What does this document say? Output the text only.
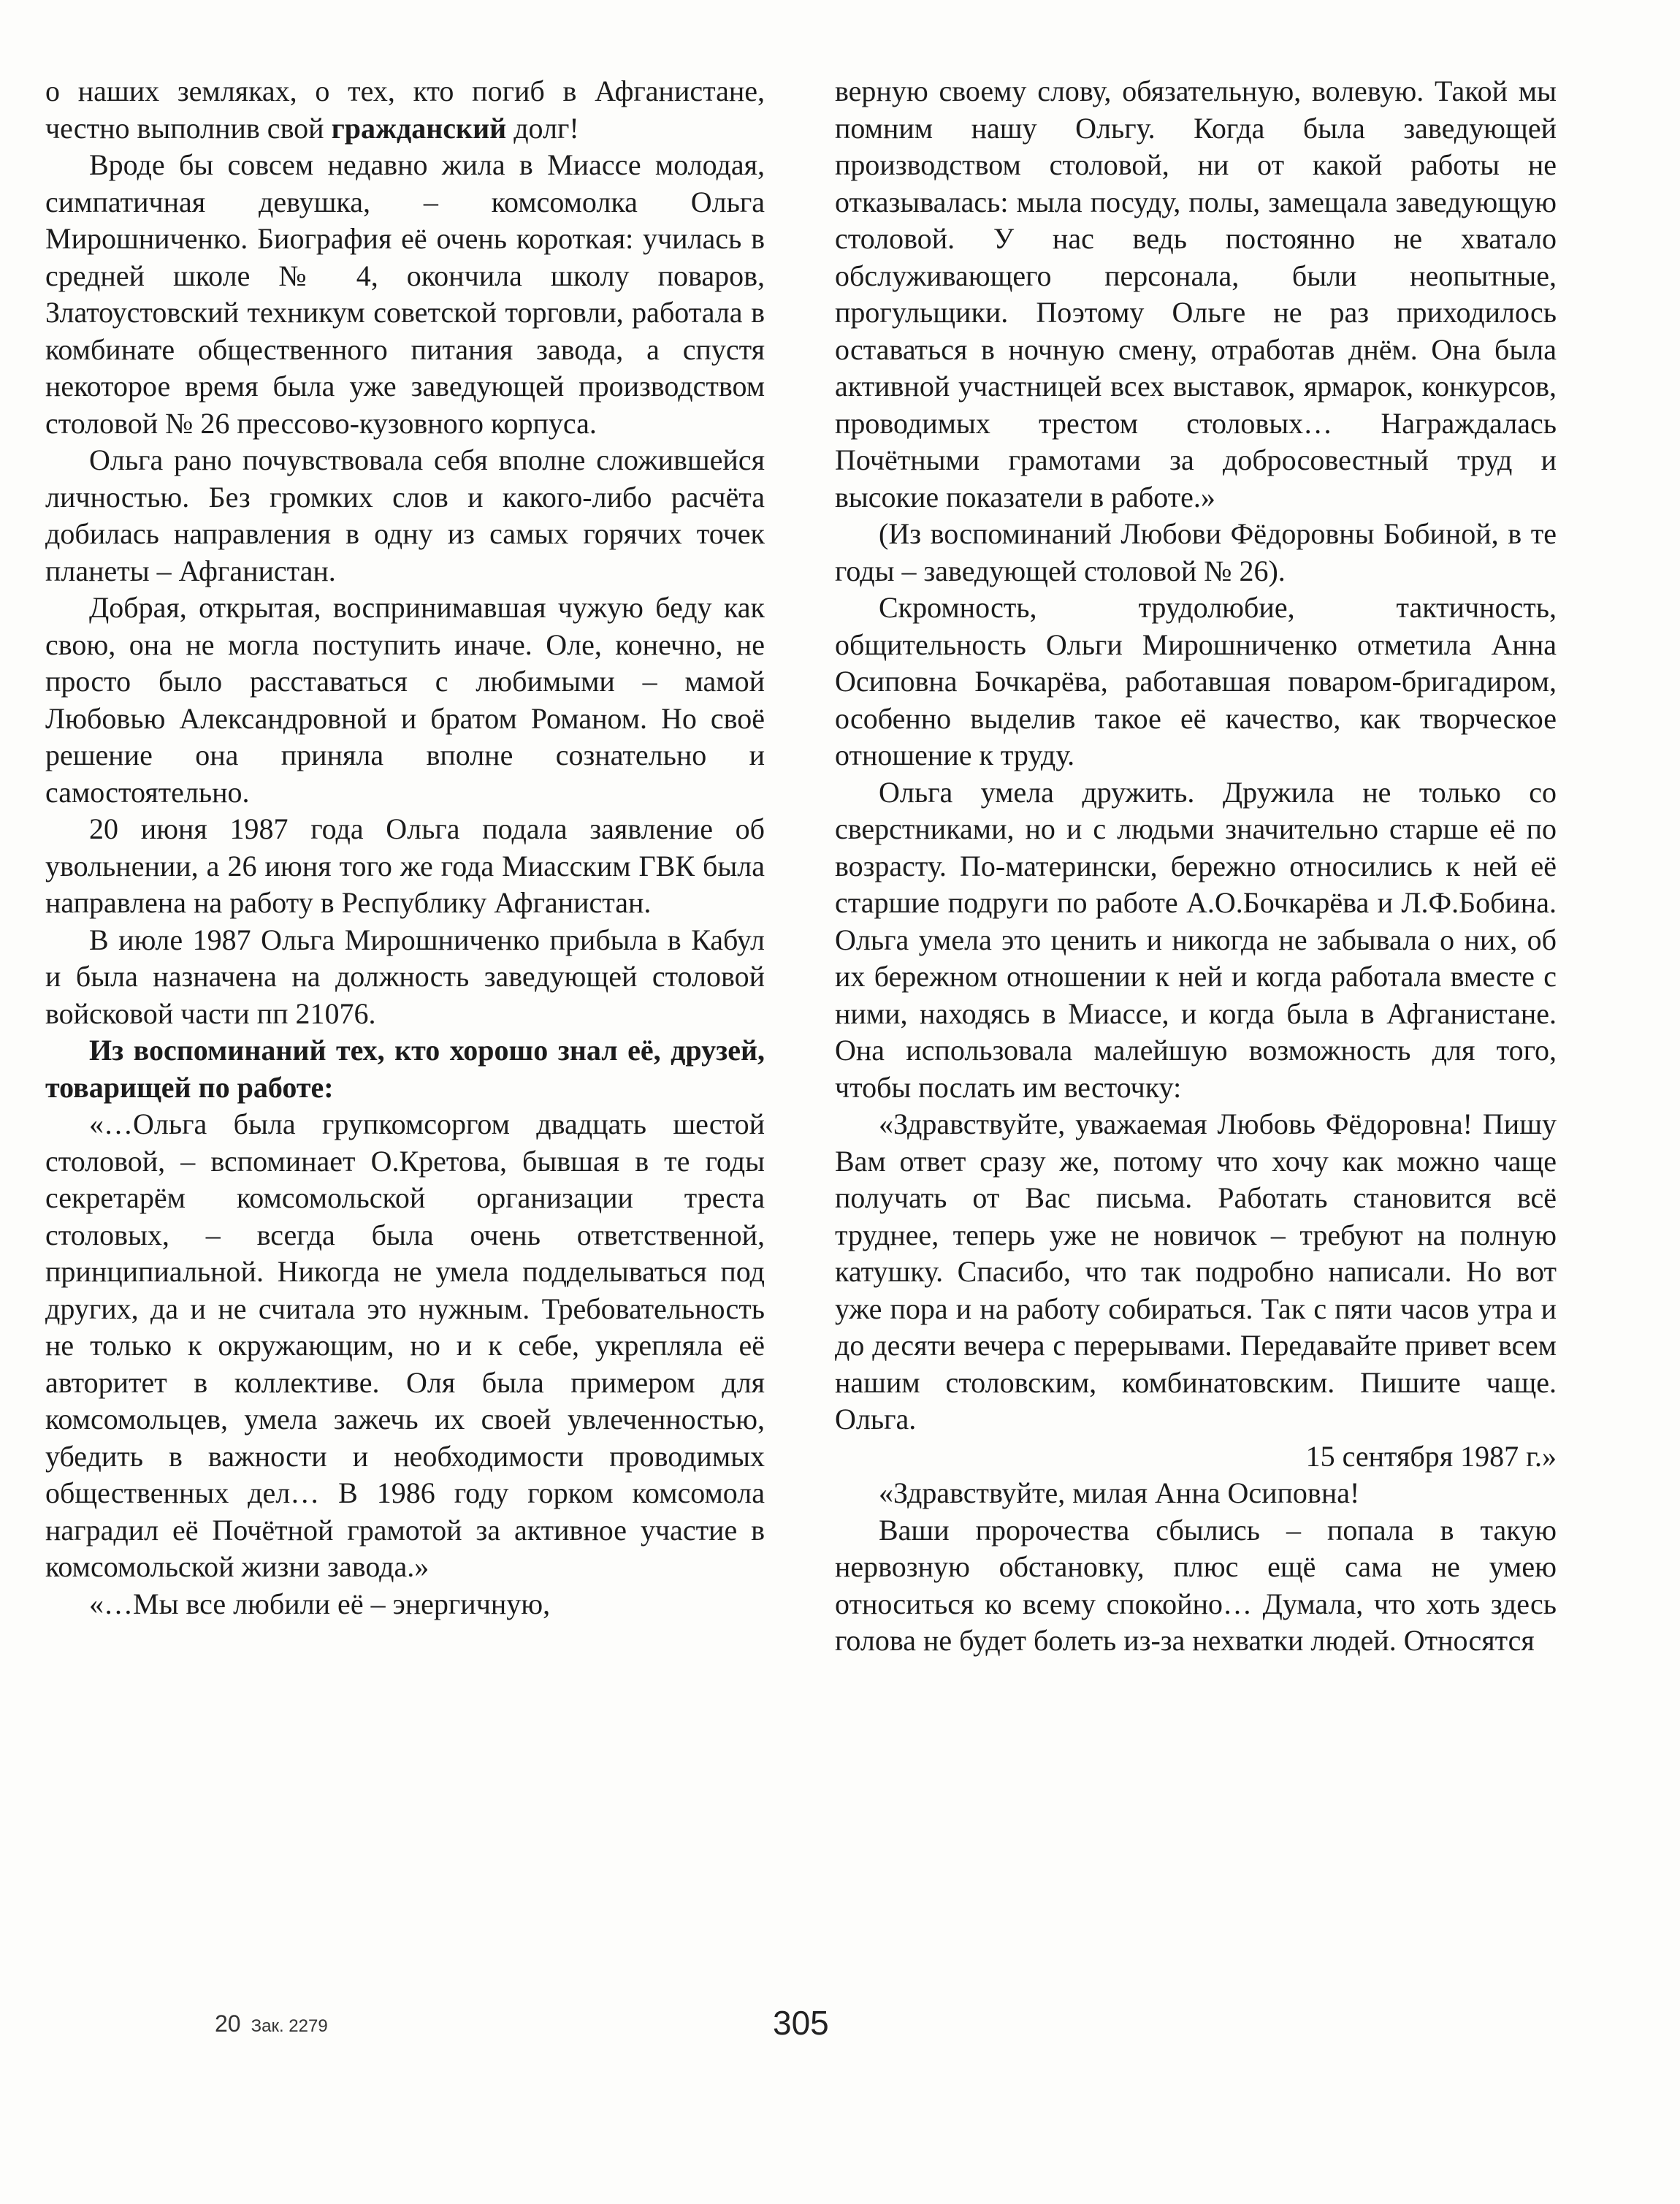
о наших земляках, о тех, кто погиб в Афганистане, честно выполнив свой гражданский долг!

Вроде бы совсем недавно жила в Миассе молодая, симпатичная девушка, – комсомолка Ольга Мирошниченко. Биография её очень короткая: училась в средней школе № 4, окончила школу поваров, Златоустовский техникум советской торговли, работала в комбинате общественного питания завода, а спустя некоторое время была уже заведующей производством столовой № 26 прессово-кузовного корпуса.

Ольга рано почувствовала себя вполне сложившейся личностью. Без громких слов и какого-либо расчёта добилась направления в одну из самых горячих точек планеты – Афганистан.

Добрая, открытая, воспринимавшая чужую беду как свою, она не могла поступить иначе. Оле, конечно, не просто было расставаться с любимыми – мамой Любовью Александровной и братом Романом. Но своё решение она приняла вполне сознательно и самостоятельно.

20 июня 1987 года Ольга подала заявление об увольнении, а 26 июня того же года Миасским ГВК была направлена на работу в Республику Афганистан.

В июле 1987 Ольга Мирошниченко прибыла в Кабул и была назначена на должность заведующей столовой войсковой части пп 21076.

Из воспоминаний тех, кто хорошо знал её, друзей, товарищей по работе:

«…Ольга была групкомсоргом двадцать шестой столовой, – вспоминает О.Кретова, бывшая в те годы секретарём комсомольской организации треста столовых, – всегда была очень ответственной, принципиальной. Никогда не умела подделываться под других, да и не считала это нужным. Требовательность не только к окружающим, но и к себе, укрепляла её авторитет в коллективе. Оля была примером для комсомольцев, умела зажечь их своей увлеченностью, убедить в важности и необходимости проводимых общественных дел… В 1986 году горком комсомола наградил её Почётной грамотой за активное участие в комсомольской жизни завода.»

«…Мы все любили её – энергичную,

верную своему слову, обязательную, волевую. Такой мы помним нашу Ольгу. Когда была заведующей производством столовой, ни от какой работы не отказывалась: мыла посуду, полы, замещала заведующую столовой. У нас ведь постоянно не хватало обслуживающего персонала, были неопытные, прогульщики. Поэтому Ольге не раз приходилось оставаться в ночную смену, отработав днём. Она была активной участницей всех выставок, ярмарок, конкурсов, проводимых трестом столовых… Награждалась Почётными грамотами за добросовестный труд и высокие показатели в работе.»

(Из воспоминаний Любови Фёдоровны Бобиной, в те годы – заведующей столовой № 26).

Скромность, трудолюбие, тактичность, общительность Ольги Мирошниченко отметила Анна Осиповна Бочкарёва, работавшая поваром-бригадиром, особенно выделив такое её качество, как творческое отношение к труду.

Ольга умела дружить. Дружила не только со сверстниками, но и с людьми значительно старше её по возрасту. По-матерински, бережно относились к ней её старшие подруги по работе А.О.Бочкарёва и Л.Ф.Бобина. Ольга умела это ценить и никогда не забывала о них, об их бережном отношении к ней и когда работала вместе с ними, находясь в Миассе, и когда была в Афганистане. Она использовала малейшую возможность для того, чтобы послать им весточку:

«Здравствуйте, уважаемая Любовь Фёдоровна! Пишу Вам ответ сразу же, потому что хочу как можно чаще получать от Вас письма. Работать становится всё труднее, теперь уже не новичок – требуют на полную катушку. Спасибо, что так подробно написали. Но вот уже пора и на работу собираться. Так с пяти часов утра и до десяти вечера с перерывами. Передавайте привет всем нашим столовским, комбинатовским. Пишите чаще. Ольга.

15 сентября 1987 г.»

«Здравствуйте, милая Анна Осиповна!

Ваши пророчества сбылись – попала в такую нервозную обстановку, плюс ещё сама не умею относиться ко всему спокойно… Думала, что хоть здесь голова не будет болеть из-за нехватки людей. Относятся

20 Зак. 2279	305
